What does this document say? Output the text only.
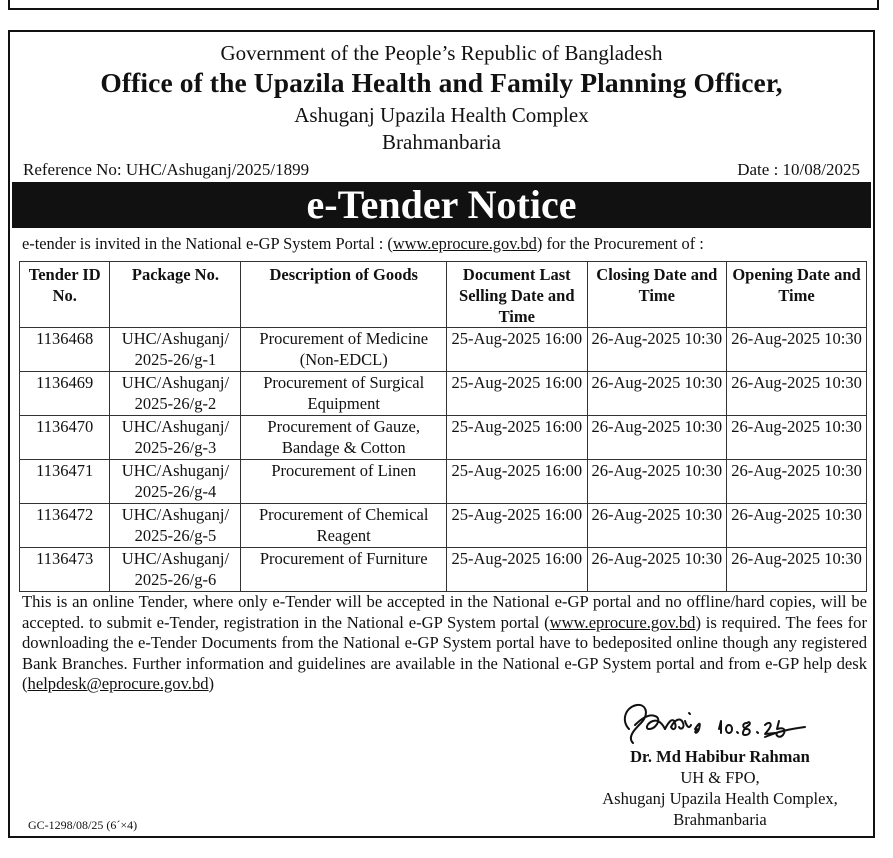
Government of the People’s Republic of Bangladesh
Office of the Upazila Health and Family Planning Officer,
Ashuganj Upazila Health Complex
Brahmanbaria
Reference No: UHC/Ashuganj/2025/1899	Date : 10/08/2025
e-Tender Notice
e-tender is invited in the National e-GP System Portal : (www.eprocure.gov.bd) for the Procurement of :
Tender ID No.	Package No.	Description of Goods	Document Last Selling Date and Time	Closing Date and Time	Opening Date and Time
1136468	UHC/Ashuganj/ 2025-26/g-1	Procurement of Medicine (Non-EDCL)	25-Aug-2025 16:00	26-Aug-2025 10:30	26-Aug-2025 10:30
1136469	UHC/Ashuganj/ 2025-26/g-2	Procurement of Surgical Equipment	25-Aug-2025 16:00	26-Aug-2025 10:30	26-Aug-2025 10:30
1136470	UHC/Ashuganj/ 2025-26/g-3	Procurement of Gauze, Bandage & Cotton	25-Aug-2025 16:00	26-Aug-2025 10:30	26-Aug-2025 10:30
1136471	UHC/Ashuganj/ 2025-26/g-4	Procurement of Linen	25-Aug-2025 16:00	26-Aug-2025 10:30	26-Aug-2025 10:30
1136472	UHC/Ashuganj/ 2025-26/g-5	Procurement of Chemical Reagent	25-Aug-2025 16:00	26-Aug-2025 10:30	26-Aug-2025 10:30
1136473	UHC/Ashuganj/ 2025-26/g-6	Procurement of Furniture	25-Aug-2025 16:00	26-Aug-2025 10:30	26-Aug-2025 10:30
This is an online Tender, where only e-Tender will be accepted in the National e-GP portal and no offline/hard copies, will be accepted. to submit e-Tender, registration in the National e-GP System portal (www.eprocure.gov.bd) is required. The fees for downloading the e-Tender Documents from the National e-GP System portal have to bedeposited online though any registered Bank Branches. Further information and guidelines are available in the National e-GP System portal and from e-GP help desk (helpdesk@eprocure.gov.bd)
Dr. Md Habibur Rahman
UH & FPO,
Ashuganj Upazila Health Complex,
Brahmanbaria
GC-1298/08/25 (6´×4)
